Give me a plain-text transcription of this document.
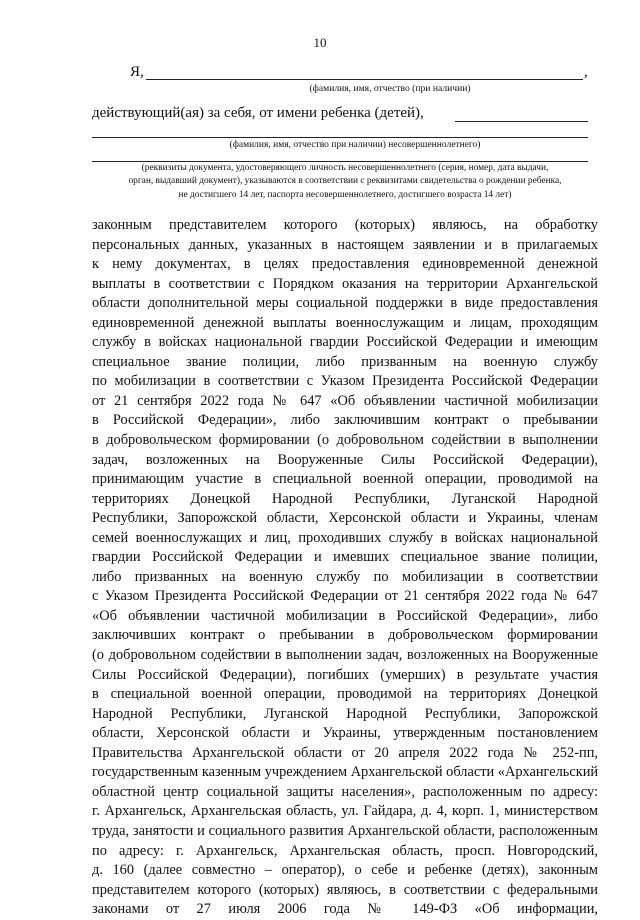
10
Я,	,
(фамилия, имя, отчество (при наличии)
действующий(ая) за себя, от имени ребенка (детей),
(фамилия, имя, отчество при наличии) несовершеннолетнего)
(реквизиты документа, удостоверяющего личность несовершеннолетнего (серия, номер, дата выдачи,
орган, выдавший документ), указываются в соответствии с реквизитами свидетельства о рождении ребенка,
не достигшего 14 лет, паспорта несовершеннолетнего, достигшего возраста 14 лет)
законным представителем которого (которых) являюсь, на обработку
персональных данных, указанных в настоящем заявлении и в прилагаемых
к нему документах, в целях предоставления единовременной денежной
выплаты в соответствии с Порядком оказания на территории Архангельской
области дополнительной меры социальной поддержки в виде предоставления
единовременной денежной выплаты военнослужащим и лицам, проходящим
службу в войсках национальной гвардии Российской Федерации и имеющим
специальное звание полиции, либо призванным на военную службу
по мобилизации в соответствии с Указом Президента Российской Федерации
от 21 сентября 2022 года № 647 «Об объявлении частичной мобилизации
в Российской Федерации», либо заключившим контракт о пребывании
в добровольческом формировании (о добровольном содействии в выполнении
задач, возложенных на Вооруженные Силы Российской Федерации),
принимающим участие в специальной военной операции, проводимой на
территориях Донецкой Народной Республики, Луганской Народной
Республики, Запорожской области, Херсонской области и Украины, членам
семей военнослужащих и лиц, проходивших службу в войсках национальной
гвардии Российской Федерации и имевших специальное звание полиции,
либо призванных на военную службу по мобилизации в соответствии
с Указом Президента Российской Федерации от 21 сентября 2022 года № 647
«Об объявлении частичной мобилизации в Российской Федерации», либо
заключивших контракт о пребывании в добровольческом формировании
(о добровольном содействии в выполнении задач, возложенных на Вооруженные
Силы Российской Федерации), погибших (умерших) в результате участия
в специальной военной операции, проводимой на территориях Донецкой
Народной Республики, Луганской Народной Республики, Запорожской
области, Херсонской области и Украины, утвержденным постановлением
Правительства Архангельской области от 20 апреля 2022 года № 252-пп,
государственным казенным учреждением Архангельской области «Архангельский
областной центр социальной защиты населения», расположенным по адресу:
г. Архангельск, Архангельская область, ул. Гайдара, д. 4, корп. 1, министерством
труда, занятости и социального развития Архангельской области, расположенным
по адресу: г. Архангельск, Архангельская область, просп. Новгородский,
д. 160 (далее совместно – оператор), о себе и ребенке (детях), законным
представителем которого (которых) являюсь, в соответствии с федеральными
законами от 27 июля 2006 года № 149-ФЗ «Об информации,
